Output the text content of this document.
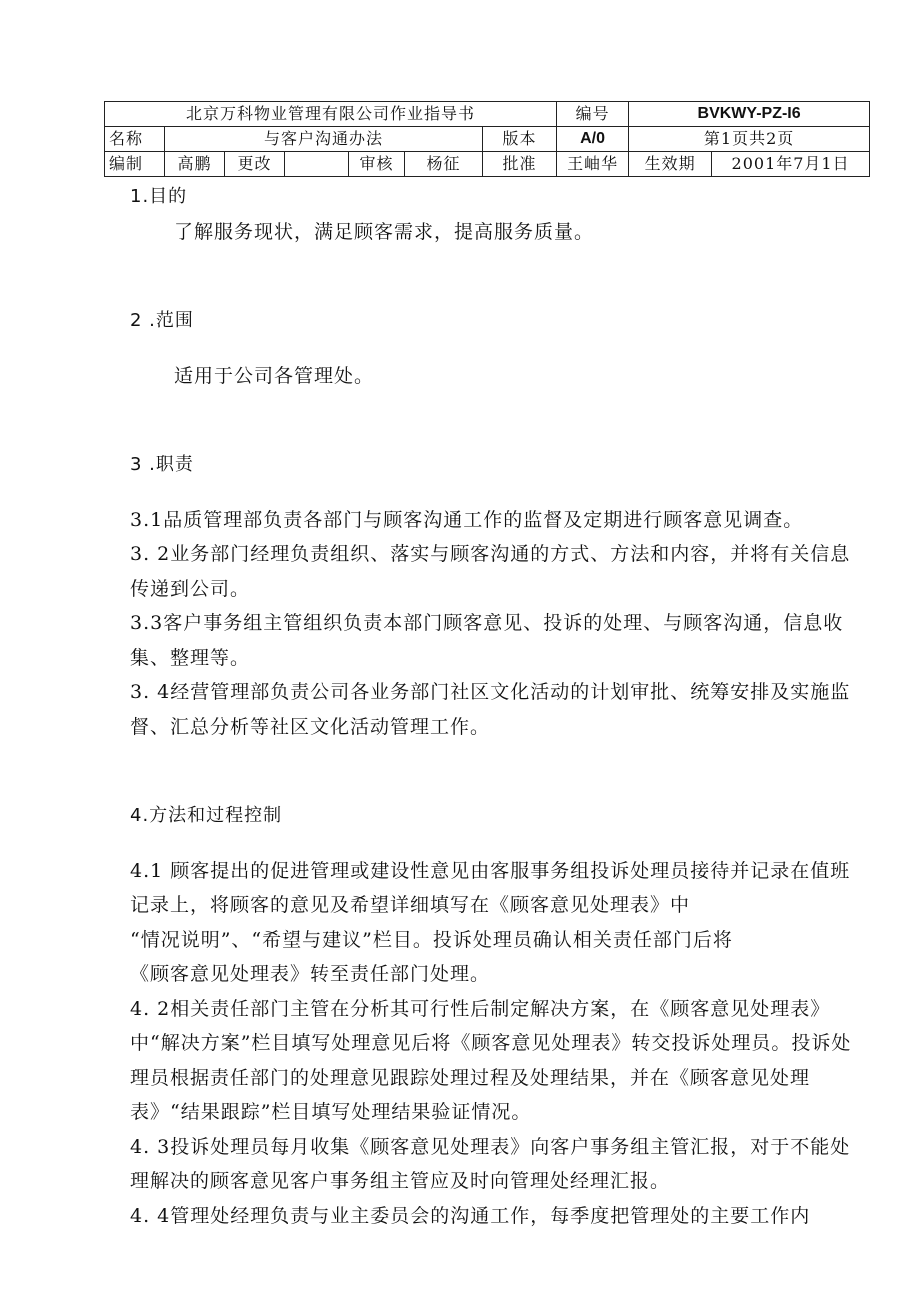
北京万科物业管理有限公司作业指导书							编号	BVKWY-PZ-I6
名称	与客户沟通办法					版本	A/0	第1页共2页
编制	高鹏	更改		审核	杨征	批准	王岫华	生效期 2001年7月1日

1.目的

了解服务现状，满足顾客需求，提高服务质量。

2 .范围

适用于公司各管理处。

3 .职责

3.1品质管理部负责各部门与顾客沟通工作的监督及定期进行顾客意见调查。

3. 2业务部门经理负责组织、落实与顾客沟通的方式、方法和内容，并将有关信息传递到公司。

3.3客户事务组主管组织负责本部门顾客意见、投诉的处理、与顾客沟通，信息收集、整理等。

3. 4经营管理部负责公司各业务部门社区文化活动的计划审批、统筹安排及实施监督、汇总分析等社区文化活动管理工作。

4.方法和过程控制

4.1 顾客提出的促进管理或建设性意见由客服事务组投诉处理员接待并记录在值班记录上，将顾客的意见及希望详细填写在《顾客意见处理表》中

“情况说明”、“希望与建议”栏目。投诉处理员确认相关责任部门后将

《顾客意见处理表》转至责任部门处理。

4. 2相关责任部门主管在分析其可行性后制定解决方案，在《顾客意见处理表》中“解决方案”栏目填写处理意见后将《顾客意见处理表》转交投诉处理员。投诉处理员根据责任部门的处理意见跟踪处理过程及处理结果，并在《顾客意见处理表》“结果跟踪”栏目填写处理结果验证情况。

4. 3投诉处理员每月收集《顾客意见处理表》向客户事务组主管汇报，对于不能处理解决的顾客意见客户事务组主管应及时向管理处经理汇报。

4. 4管理处经理负责与业主委员会的沟通工作，每季度把管理处的主要工作内
